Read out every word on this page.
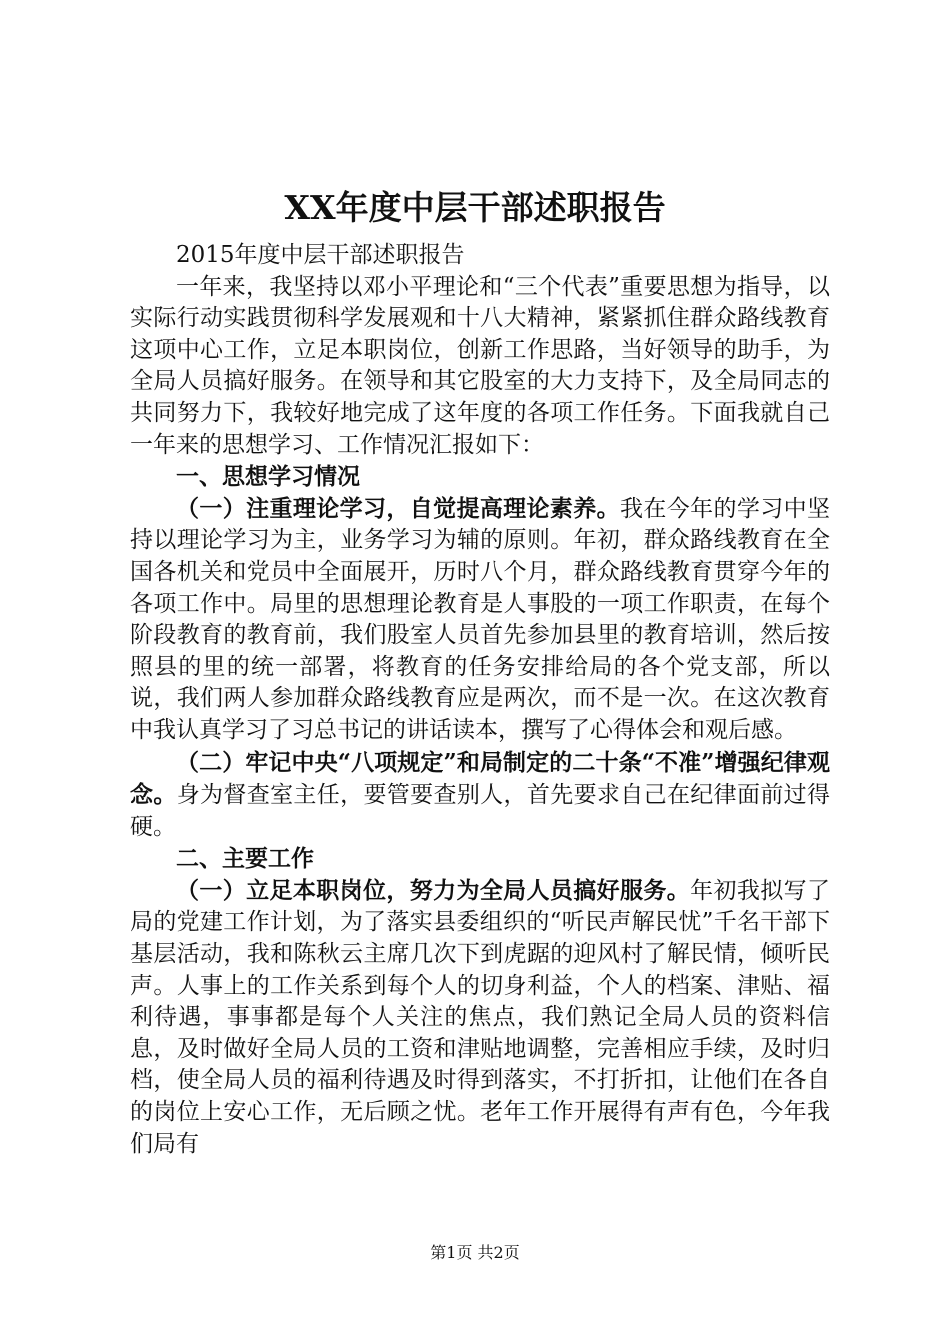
XX年度中层干部述职报告

2015年度中层干部述职报告

一年来，我坚持以邓小平理论和“三个代表”重要思想为指导，以实际行动实践贯彻科学发展观和十八大精神，紧紧抓住群众路线教育这项中心工作，立足本职岗位，创新工作思路，当好领导的助手，为全局人员搞好服务。在领导和其它股室的大力支持下，及全局同志的共同努力下，我较好地完成了这年度的各项工作任务。下面我就自己一年来的思想学习、工作情况汇报如下：

一、思想学习情况

（一）注重理论学习，自觉提高理论素养。我在今年的学习中坚持以理论学习为主，业务学习为辅的原则。年初，群众路线教育在全国各机关和党员中全面展开，历时八个月，群众路线教育贯穿今年的各项工作中。局里的思想理论教育是人事股的一项工作职责，在每个阶段教育的教育前，我们股室人员首先参加县里的教育培训，然后按照县的里的统一部署，将教育的任务安排给局的各个党支部，所以说，我们两人参加群众路线教育应是两次，而不是一次。在这次教育中我认真学习了习总书记的讲话读本，撰写了心得体会和观后感。

（二）牢记中央“八项规定”和局制定的二十条“不准”增强纪律观念。身为督查室主任，要管要查别人，首先要求自己在纪律面前过得硬。

二、主要工作

（一）立足本职岗位，努力为全局人员搞好服务。年初我拟写了局的党建工作计划，为了落实县委组织的“听民声解民忧”千名干部下基层活动，我和陈秋云主席几次下到虎踞的迎风村了解民情，倾听民声。人事上的工作关系到每个人的切身利益，个人的档案、津贴、福利待遇，事事都是每个人关注的焦点，我们熟记全局人员的资料信息，及时做好全局人员的工资和津贴地调整，完善相应手续，及时归档，使全局人员的福利待遇及时得到落实，不打折扣，让他们在各自的岗位上安心工作，无后顾之忧。老年工作开展得有声有色，今年我们局有

第1页 共2页
